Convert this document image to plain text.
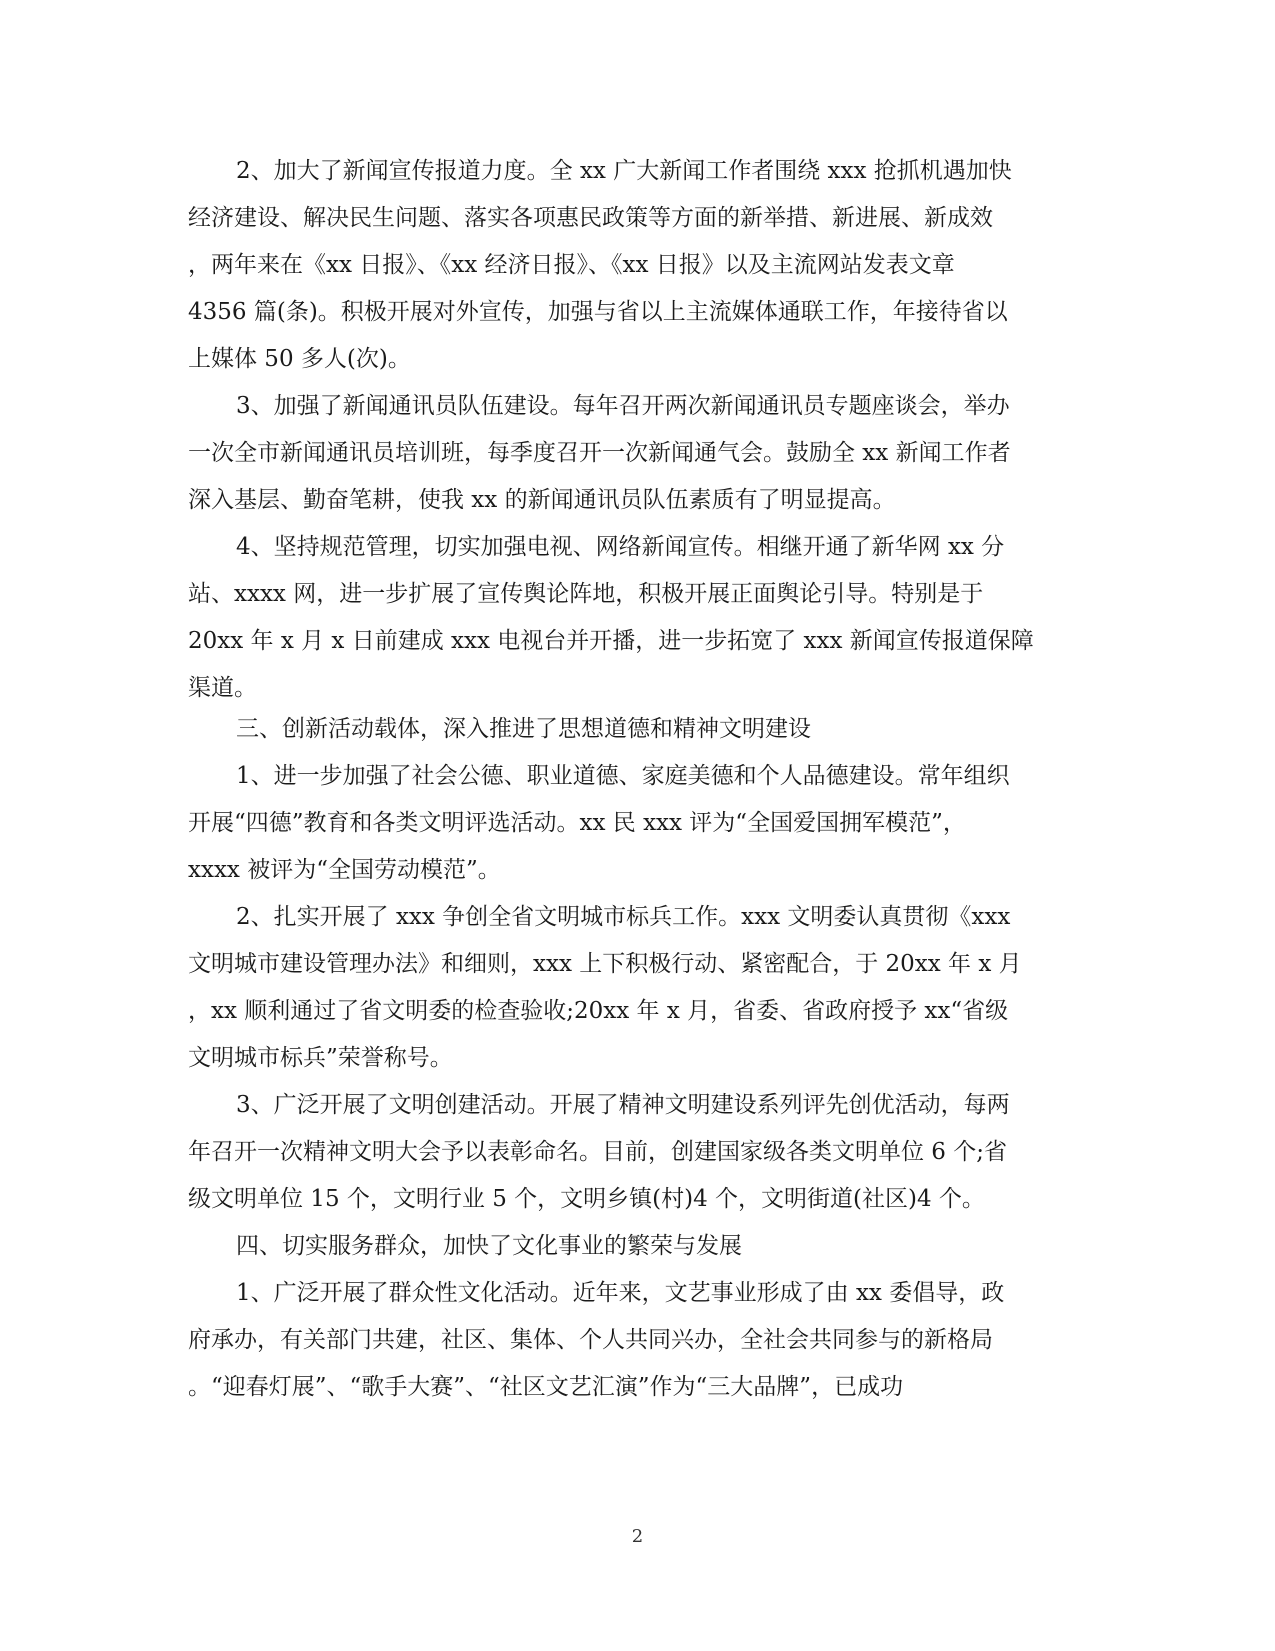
2、加大了新闻宣传报道力度。全 xx 广大新闻工作者围绕 xxx 抢抓机遇加快
经济建设、解决民生问题、落实各项惠民政策等方面的新举措、新进展、新成效
，两年来在《xx 日报》、《xx 经济日报》、《xx 日报》以及主流网站发表文章
4356 篇(条)。积极开展对外宣传，加强与省以上主流媒体通联工作，年接待省以
上媒体 50 多人(次)。
3、加强了新闻通讯员队伍建设。每年召开两次新闻通讯员专题座谈会，举办
一次全市新闻通讯员培训班，每季度召开一次新闻通气会。鼓励全 xx 新闻工作者
深入基层、勤奋笔耕，使我 xx 的新闻通讯员队伍素质有了明显提高。
4、坚持规范管理，切实加强电视、网络新闻宣传。相继开通了新华网 xx 分
站、xxxx 网，进一步扩展了宣传舆论阵地，积极开展正面舆论引导。特别是于
20xx 年 x 月 x 日前建成 xxx 电视台并开播，进一步拓宽了 xxx 新闻宣传报道保障
渠道。
三、创新活动载体，深入推进了思想道德和精神文明建设
1、进一步加强了社会公德、职业道德、家庭美德和个人品德建设。常年组织
开展“四德”教育和各类文明评选活动。xx 民 xxx 评为“全国爱国拥军模范”，
xxxx 被评为“全国劳动模范”。
2、扎实开展了 xxx 争创全省文明城市标兵工作。xxx 文明委认真贯彻《xxx
文明城市建设管理办法》和细则，xxx 上下积极行动、紧密配合，于 20xx 年 x 月
，xx 顺利通过了省文明委的检查验收;20xx 年 x 月，省委、省政府授予 xx“省级
文明城市标兵”荣誉称号。
3、广泛开展了文明创建活动。开展了精神文明建设系列评先创优活动，每两
年召开一次精神文明大会予以表彰命名。目前，创建国家级各类文明单位 6 个;省
级文明单位 15 个，文明行业 5 个，文明乡镇(村)4 个，文明街道(社区)4 个。
四、切实服务群众，加快了文化事业的繁荣与发展
1、广泛开展了群众性文化活动。近年来，文艺事业形成了由 xx 委倡导，政
府承办，有关部门共建，社区、集体、个人共同兴办，全社会共同参与的新格局
。“迎春灯展”、“歌手大赛”、“社区文艺汇演”作为“三大品牌”，已成功
2
